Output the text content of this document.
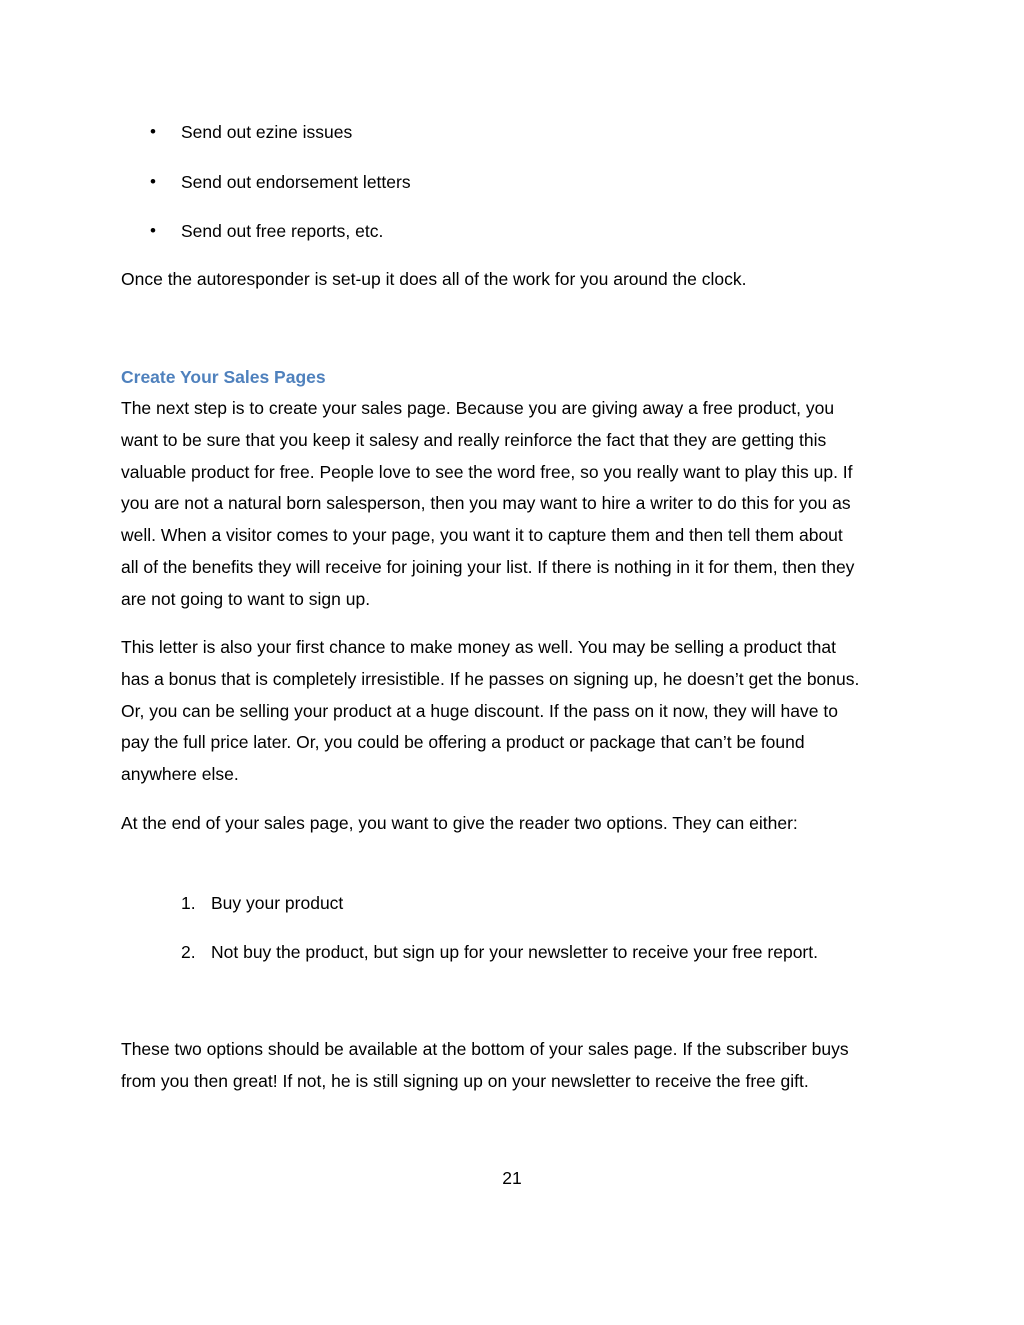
• Send out ezine issues
• Send out endorsement letters
• Send out free reports, etc.
Once the autoresponder is set-up it does all of the work for you around the clock.
Create Your Sales Pages
The next step is to create your sales page. Because you are giving away a free product, you
want to be sure that you keep it salesy and really reinforce the fact that they are getting this
valuable product for free. People love to see the word free, so you really want to play this up. If
you are not a natural born salesperson, then you may want to hire a writer to do this for you as
well. When a visitor comes to your page, you want it to capture them and then tell them about
all of the benefits they will receive for joining your list. If there is nothing in it for them, then they
are not going to want to sign up.
This letter is also your first chance to make money as well. You may be selling a product that
has a bonus that is completely irresistible. If he passes on signing up, he doesn’t get the bonus.
Or, you can be selling your product at a huge discount. If the pass on it now, they will have to
pay the full price later. Or, you could be offering a product or package that can’t be found
anywhere else.
At the end of your sales page, you want to give the reader two options. They can either:
1. Buy your product
2. Not buy the product, but sign up for your newsletter to receive your free report.
These two options should be available at the bottom of your sales page. If the subscriber buys
from you then great! If not, he is still signing up on your newsletter to receive the free gift.
21
